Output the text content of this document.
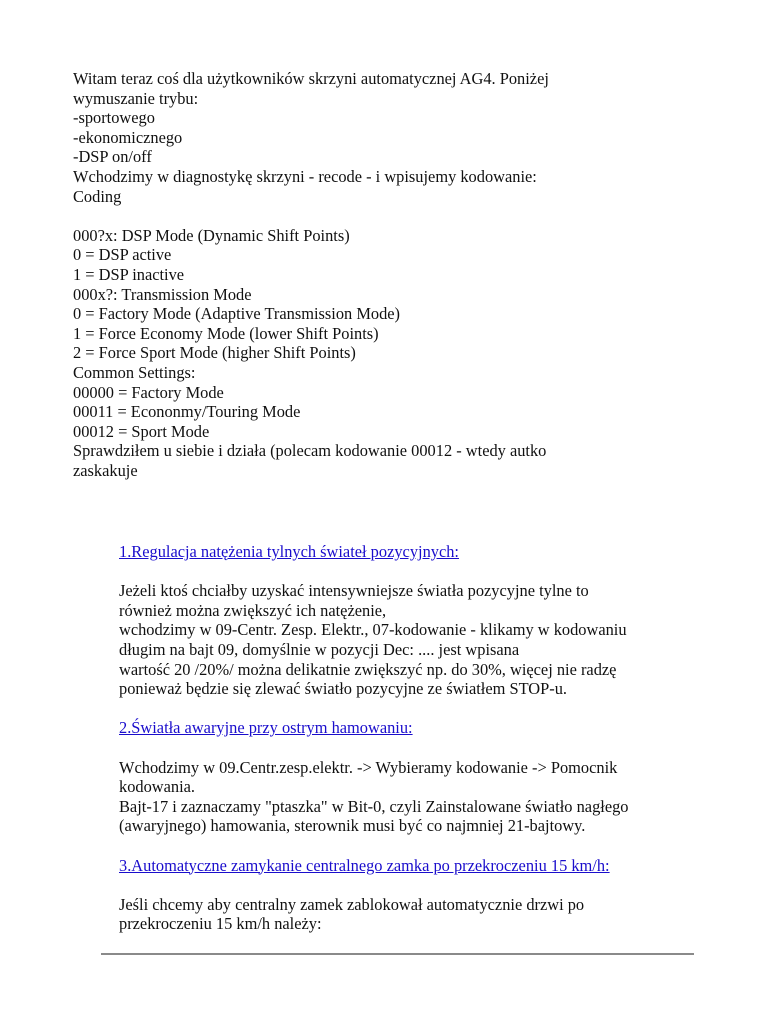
Witam teraz coś dla użytkowników skrzyni automatycznej AG4. Poniżej

wymuszanie trybu:

-sportowego

-ekonomicznego

-DSP on/off

Wchodzimy w diagnostykę skrzyni - recode - i wpisujemy kodowanie:

Coding

000?x: DSP Mode (Dynamic Shift Points)

0 = DSP active

1 = DSP inactive

000x?: Transmission Mode

0 = Factory Mode (Adaptive Transmission Mode)

1 = Force Economy Mode (lower Shift Points)

2 = Force Sport Mode (higher Shift Points)

Common Settings:

00000 = Factory Mode

00011 = Econonmy/Touring Mode

00012 = Sport Mode

Sprawdziłem u siebie i działa (polecam kodowanie 00012 - wtedy autko

zaskakuje

1.Regulacja natężenia tylnych świateł pozycyjnych:

Jeżeli ktoś chciałby uzyskać intensywniejsze światła pozycyjne tylne to

również można zwiększyć ich natężenie,

wchodzimy w 09-Centr. Zesp. Elektr., 07-kodowanie - klikamy w kodowaniu

długim na bajt 09, domyślnie w pozycji Dec: .... jest wpisana

wartość 20 /20%/ można delikatnie zwiększyć np. do 30%, więcej nie radzę

ponieważ będzie się zlewać światło pozycyjne ze światłem STOP-u.

2.Światła awaryjne przy ostrym hamowaniu:

Wchodzimy w 09.Centr.zesp.elektr. -> Wybieramy kodowanie -> Pomocnik

kodowania.

Bajt-17 i zaznaczamy "ptaszka" w Bit-0, czyli Zainstalowane światło nagłego

(awaryjnego) hamowania, sterownik musi być co najmniej 21-bajtowy.

3.Automatyczne zamykanie centralnego zamka po przekroczeniu 15 km/h:

Jeśli chcemy aby centralny zamek zablokował automatycznie drzwi po

przekroczeniu 15 km/h należy:
